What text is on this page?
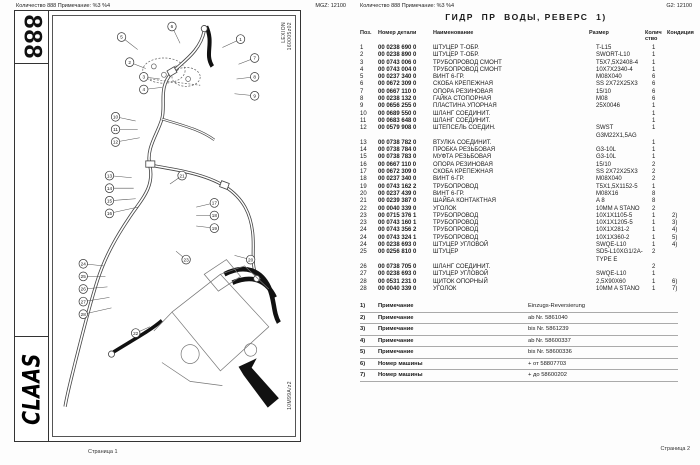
Количество 888 Примечание: %3 %4	MGZ: 12100
888
CLAAS
1
2
3
4
5
6
7
8
9
10
11
12
13
14
15
16
17
18
19
20
21
22
23
24
25
26
27
28
160005z02
LEXION
10M99A/z2
Страница 1
Количество 888 Примечание: %3 %4	G2: 12100
ГИДР  ПР  ВОДЫ, РЕВЕРС  1)
Поз. Номер детали	Наименование	Размер	Колич
ство
Кондиция
1	00 0238 690 0	ШТУЦЕР Т-ОБР.	T-L15	1
2	00 0238 890 0	ШТУЦЕР Т-ОБР.	SWORT-L10	1
3	00 0743 006 0	ТРУБОПРОВОД СМОНТ	T5X7,5X2408-4	1
4	00 0743 004 0	ТРУБОПРОВОД СМОНТ	10X7X2340-4	1
5	00 0237 340 0	ВИНТ 6-ГР.	M08X040	6
6	00 0672 309 0	СКОБА КРЕПЕЖНАЯ	SS 2X72X25X3	6
7	00 0667 110 0	ОПОРА РЕЗИНОВАЯ	15/10	6
8	00 0238 132 0	ГАЙКА СТОПОРНАЯ	M08	6
9	00 0656 255 0	ПЛАСТИНА УПОРНАЯ	25X0046	1
10	00 0689 550 0	ШЛАНГ СОЕДИНИТ.	1
11	00 0683 648 0	ШЛАНГ СОЕДИНИТ.	1
12	00 0579 908 0	ШТЕПСЕЛЬ СОЕДИН.	SWST G3M22X1,5AG
1
13	00 0738 782 0	ВТУЛКА СОЕДИНИТ.	1
14	00 0738 784 0	ПРОБКА РЕЗЬБОВАЯ	G3-10L	1
15	00 0738 783 0	МУФТА РЕЗЬБОВАЯ	G3-10L	1
16	00 0667 110 0	ОПОРА РЕЗИНОВАЯ	15/10	2
17	00 0672 309 0	СКОБА КРЕПЕЖНАЯ	SS 2X72X25X3	2
18	00 0237 340 0	ВИНТ 6-ГР.	M08X040	2
19	00 0743 162 2	ТРУБОПРОВОД	T5X1,5X1152-5	1
20	00 0237 439 0	ВИНТ 6-ГР.	M08X16	8
21	00 0239 387 0	ШАЙБА КОНТАКТНАЯ	A 8	8
22	00 0040 339 0	УГОЛОК	10MM A STANO	2
23	00 0715 376 1	ТРУБОПРОВОД	10X1X1105-5	1	2)
23	00 0743 160 1	ТРУБОПРОВОД	10X1X1205-5	1	3)
24	00 0743 356 2	ТРУБОПРОВОД	10X1X281-2	1	4)
24	00 0743 324 1	ТРУБОПРОВОД	10X1X360-2	1	5)
24	00 0238 693 0	ШТУЦЕР УГЛОВОЙ	SWQE-L10	1	4)
25	00 0256 810 0	ШТУЦЕР	SD5-L10XG1/2A-TYPE E
2
26	00 0738 705 0	ШЛАНГ СОЕДИНИТ.	2
27	00 0238 693 0	ШТУЦЕР УГЛОВОЙ	SWQE-L10	1
28	00 0531 231 0	ЩИТОК ОПОРНЫЙ	2,5X90X60	1	6)
28	00 0040 339 0	УГОЛОК	10MM A STANO	1	7)
1)	Примечание	Einzugs-Reversierung
2)	Примечание	ab Nr. 5861040
3)	Примечание	bis Nr. 5861239
4)	Примечание	ab Nr. 58600337
5)	Примечание	bis Nr. 58600336
6)	Номер машины	+ от 58807703
7)	Номер машины	+ до 58600202
Страница 2
